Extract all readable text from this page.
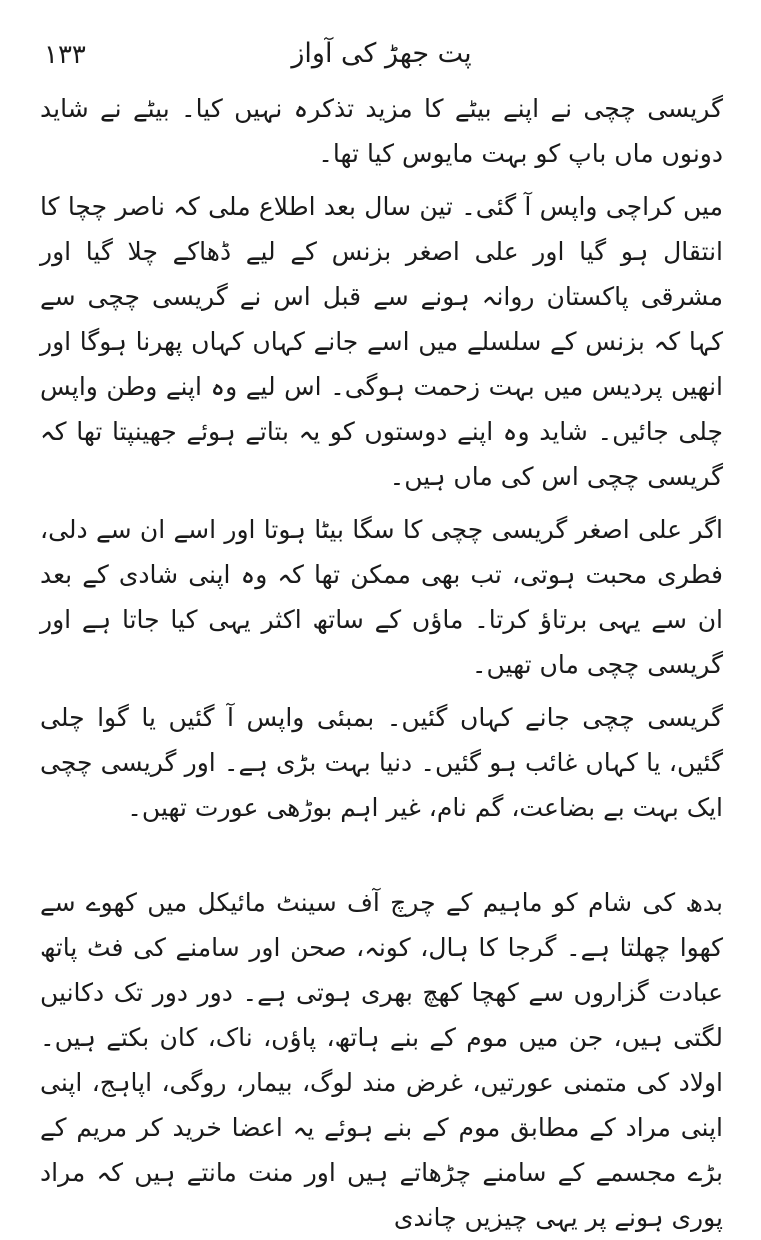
۱۳۳	پت جھڑ کی آواز

گریسی چچی نے اپنے بیٹے کا مزید تذکرہ نہیں کیا۔ بیٹے نے شاید دونوں ماں باپ کو بہت مایوس کیا تھا۔

میں کراچی واپس آ گئی۔ تین سال بعد اطلاع ملی کہ ناصر چچا کا انتقال ہو گیا اور علی اصغر بزنس کے لیے ڈھاکے چلا گیا اور مشرقی پاکستان روانہ ہونے سے قبل اس نے گریسی چچی سے کہا کہ بزنس کے سلسلے میں اسے جانے کہاں کہاں پھرنا ہوگا اور انھیں پردیس میں بہت زحمت ہوگی۔ اس لیے وہ اپنے وطن واپس چلی جائیں۔ شاید وہ اپنے دوستوں کو یہ بتاتے ہوئے جھینپتا تھا کہ گریسی چچی اس کی ماں ہیں۔

اگر علی اصغر گریسی چچی کا سگا بیٹا ہوتا اور اسے ان سے دلی، فطری محبت ہوتی، تب بھی ممکن تھا کہ وہ اپنی شادی کے بعد ان سے یہی برتاؤ کرتا۔ ماؤں کے ساتھ اکثر یہی کیا جاتا ہے اور گریسی چچی ماں تھیں۔

گریسی چچی جانے کہاں گئیں۔ بمبئی واپس آ گئیں یا گوا چلی گئیں، یا کہاں غائب ہو گئیں۔ دنیا بہت بڑی ہے۔ اور گریسی چچی ایک بہت بے بضاعت، گم نام، غیر اہم بوڑھی عورت تھیں۔

بدھ کی شام کو ماہیم کے چرچ آف سینٹ مائیکل میں کھوے سے کھوا چھلتا ہے۔ گرجا کا ہال، کونہ، صحن اور سامنے کی فٹ پاتھ عبادت گزاروں سے کھچا کھچ بھری ہوتی ہے۔ دور دور تک دکانیں لگتی ہیں، جن میں موم کے بنے ہاتھ، پاؤں، ناک، کان بکتے ہیں۔ اولاد کی متمنی عورتیں، غرض مند لوگ، بیمار، روگی، اپاہج، اپنی اپنی مراد کے مطابق موم کے بنے ہوئے یہ اعضا خرید کر مریم کے بڑے مجسمے کے سامنے چڑھاتے ہیں اور منت مانتے ہیں کہ مراد پوری ہونے پر یہی چیزیں چاندی
